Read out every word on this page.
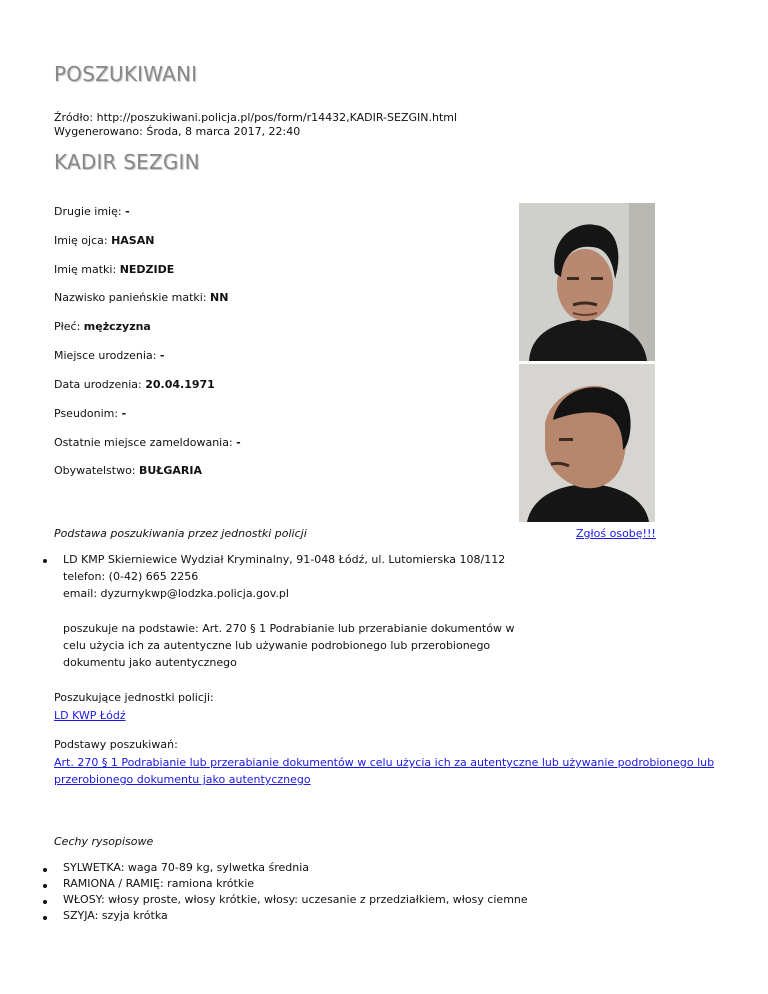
POSZUKIWANI
Źródło: http://poszukiwani.policja.pl/pos/form/r14432,KADIR-SEZGIN.html
Wygenerowano: Środa, 8 marca 2017, 22:40
KADIR SEZGIN
Drugie imię: -
Imię ojca: HASAN
Imię matki: NEDZIDE
Nazwisko panieńskie matki: NN
Płeć: mężczyzna
Miejsce urodzenia: -
Data urodzenia: 20.04.1971
Pseudonim: -
Ostatnie miejsce zameldowania: -
Obywatelstwo: BUŁGARIA
Zgłoś osobę!!!
Podstawa poszukiwania przez jednostki policji
LD KMP Skierniewice Wydział Kryminalny, 91-048 Łódź, ul. Lutomierska 108/112
telefon: (0-42) 665 2256
email: dyzurnykwp@lodzka.policja.gov.pl
poszukuje na podstawie: Art. 270 § 1 Podrabianie lub przerabianie dokumentów w
celu użycia ich za autentyczne lub używanie podrobionego lub przerobionego
dokumentu jako autentycznego
Poszukujące jednostki policji:
LD KWP Łódź
Podstawy poszukiwań:
Art. 270 § 1 Podrabianie lub przerabianie dokumentów w celu użycia ich za autentyczne lub używanie podrobionego lub
przerobionego dokumentu jako autentycznego
Cechy rysopisowe
SYLWETKA: waga 70-89 kg, sylwetka średnia
RAMIONA / RAMIĘ: ramiona krótkie
WŁOSY: włosy proste, włosy krótkie, włosy: uczesanie z przedziałkiem, włosy ciemne
SZYJA: szyja krótka
